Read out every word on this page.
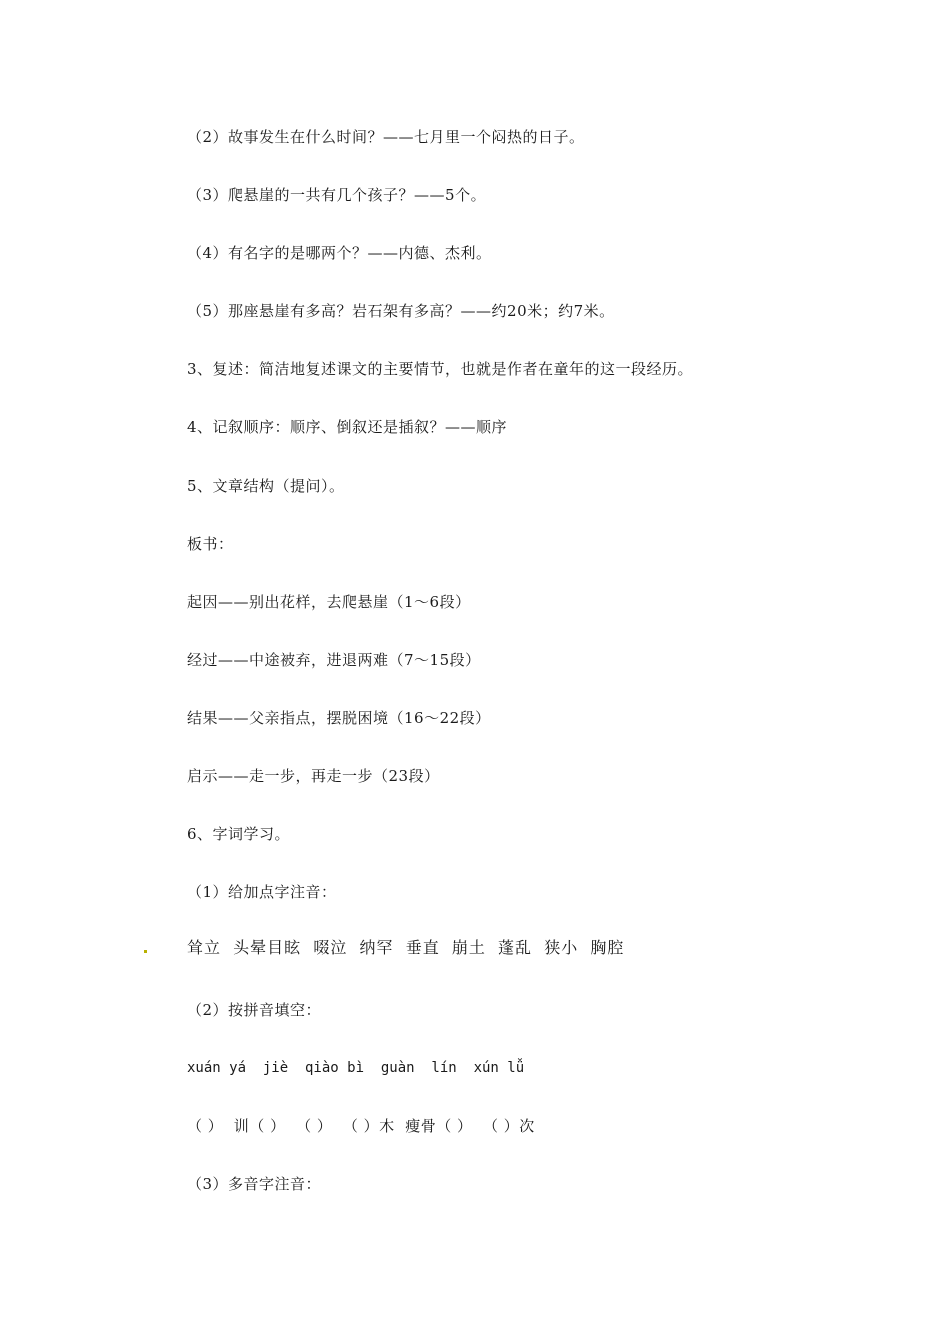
（2）故事发生在什么时间？——七月里一个闷热的日子。
（3）爬悬崖的一共有几个孩子？——5个。
（4）有名字的是哪两个？——内德、杰利。
（5）那座悬崖有多高？岩石架有多高？——约20米；约7米。
3、复述：简洁地复述课文的主要情节，也就是作者在童年的这一段经历。
4、记叙顺序：顺序、倒叙还是插叙？——顺序
5、文章结构（提问）。
板书：
起因——别出花样，去爬悬崖（1～6段）
经过——中途被弃，进退两难（7～15段）
结果——父亲指点，摆脱困境（16～22段）
启示——走一步，再走一步（23段）
6、字词学习。
（1）给加点字注音：
耸立  头晕目眩  啜泣  纳罕  垂直  崩土  蓬乱  狭小  胸腔
（2）按拼音填空：
xuán yá  jiè  qiào bì  guàn  lín  xún lǚ
（ ）  训（ ）  （ ）  （ ）木  瘦骨（ ）  （ ）次
（3）多音字注音：
